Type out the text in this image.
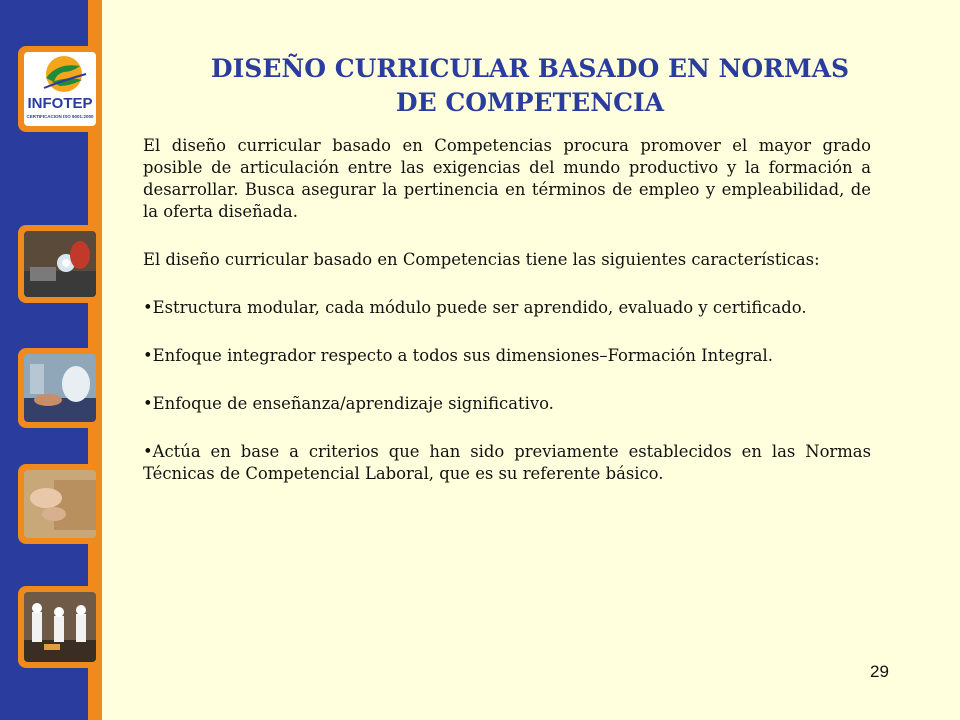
INFOTEP
CERTIFICACION ISO 9001:2000
DISEÑO CURRICULAR BASADO EN NORMAS
DE COMPETENCIA

El diseño curricular basado en Competencias procura promover el mayor grado posible de articulación entre las exigencias del mundo productivo y la formación a desarrollar. Busca asegurar la pertinencia en términos de empleo y empleabilidad, de la oferta diseñada.

El diseño curricular basado en Competencias tiene las siguientes características:

•Estructura modular, cada módulo puede ser aprendido, evaluado y certificado.

•Enfoque integrador respecto a todos sus dimensiones–Formación Integral.

•Enfoque de enseñanza/aprendizaje significativo.

•Actúa en base a criterios que han sido previamente establecidos en las Normas Técnicas de Competencial Laboral, que es su referente básico.

29
